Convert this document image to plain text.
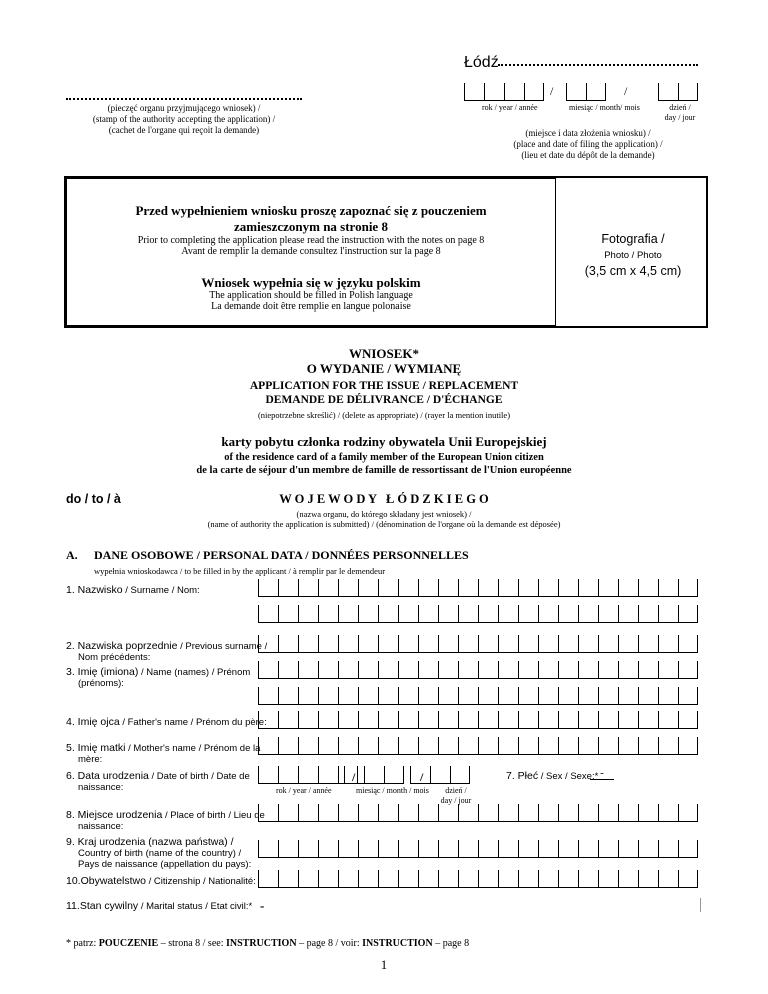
Łódź
(pieczęć organu przyjmującego wniosek) /
(stamp of the authority accepting the application) /
(cachet de l'organe qui reçoit la demande)
/	/
rok / year / année	miesiąc / month/ mois	dzień /
day / jour
(miejsce i data złożenia wniosku) /
(place and date of filing the application) /
(lieu et date du dépôt de la demande)
Przed wypełnieniem wniosku proszę zapoznać się z pouczeniem zamieszczonym na stronie 8
Prior to completing the application please read the instruction with the notes on page 8
Avant de remplir la demande consultez l'instruction sur la page 8
Wniosek wypełnia się w języku polskim
The application should be filled in Polish language
La demande doit être remplie en langue polonaise
Fotografia /
Photo / Photo
(3,5 cm x 4,5 cm)
WNIOSEK*
O WYDANIE / WYMIANĘ
APPLICATION FOR THE ISSUE / REPLACEMENT
DEMANDE DE DÉLIVRANCE / D'ÉCHANGE
(niepotrzebne skreślić) / (delete as appropriate) / (rayer la mention inutile)
karty pobytu członka rodziny obywatela Unii Europejskiej
of the residence card of a family member of the European Union citizen
de la carte de séjour d'un membre de famille de ressortissant de l'Union européenne
do / to / à	W O J E W O D Y   Ł Ó D Z K I E G O
(nazwa organu, do którego składany jest wniosek) /
(name of authority the application is submitted) / (dénomination de l'organe où la demande est déposée)
A. DANE OSOBOWE / PERSONAL DATA / DONNÉES PERSONNELLES
wypełnia wnioskodawca / to be filled in by the applicant / à remplir par le demendeur
1. Nazwisko / Surname / Nom:
2. Nazwiska poprzednie / Previous surname /
Nom précédents:
3. Imię (imiona) / Name (names) / Prénom
(prénoms):
4. Imię ojca / Father's name / Prénom du père:
5. Imię matki / Mother's name / Prénom de la
mère:
6. Data urodzenia / Date of birth / Date de
naissance:
8. Miejsce urodzenia / Place of birth / Lieu de
naissance:
9. Kraj urodzenia (nazwa państwa) /
Country of birth (name of the country) /
Pays de naissance (appellation du pays):
10.Obywatelstwo / Citizenship / Nationalité:
11.Stan cywilny / Marital status / Etat civil:*
/	/
rok / year / année	miesiąc / month / mois	dzień /
day / jour
7. Płeć / Sex / Sexe:* -
-
* patrz: POUCZENIE – strona 8 / see: INSTRUCTION – page 8 / voir: INSTRUCTION – page 8
1
